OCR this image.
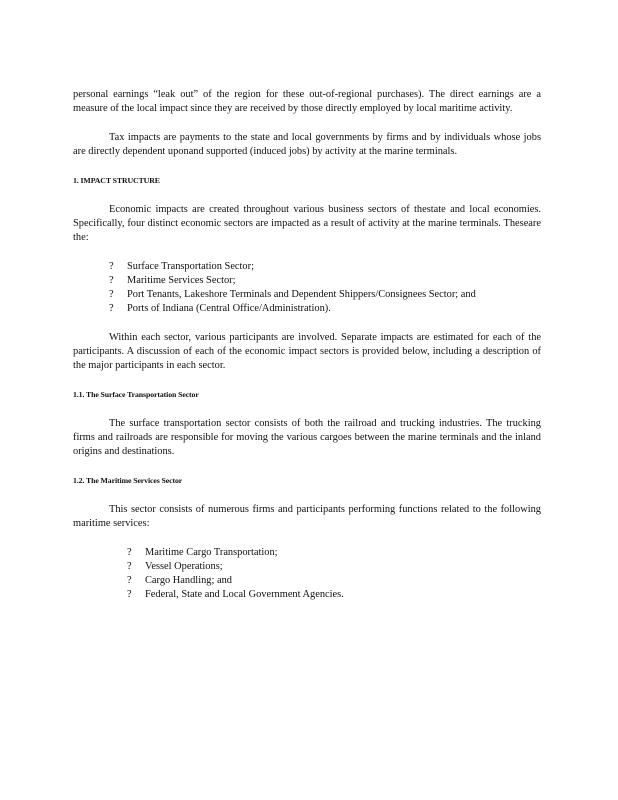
personal earnings “leak out” of the region for these out-of-regional purchases). The direct earnings are a measure of the local impact since they are received by those directly employed by local maritime activity.

Tax impacts are payments to the state and local governments by firms and by individuals whose jobs are directly dependent uponand supported (induced jobs) by activity at the marine terminals.

1. IMPACT STRUCTURE

Economic impacts are created throughout various business sectors of thestate and local economies. Specifically, four distinct economic sectors are impacted as a result of activity at the marine terminals. Theseare the:

? Surface Transportation Sector;
? Maritime Services Sector;
? Port Tenants, Lakeshore Terminals and Dependent Shippers/Consignees Sector; and
? Ports of Indiana (Central Office/Administration).

Within each sector, various participants are involved. Separate impacts are estimated for each of the participants. A discussion of each of the economic impact sectors is provided below, including a description of the major participants in each sector.

1.1. The Surface Transportation Sector

The surface transportation sector consists of both the railroad and trucking industries. The trucking firms and railroads are responsible for moving the various cargoes between the marine terminals and the inland origins and destinations.

1.2. The Maritime Services Sector

This sector consists of numerous firms and participants performing functions related to the following maritime services:

? Maritime Cargo Transportation;
? Vessel Operations;
? Cargo Handling; and
? Federal, State and Local Government Agencies.
